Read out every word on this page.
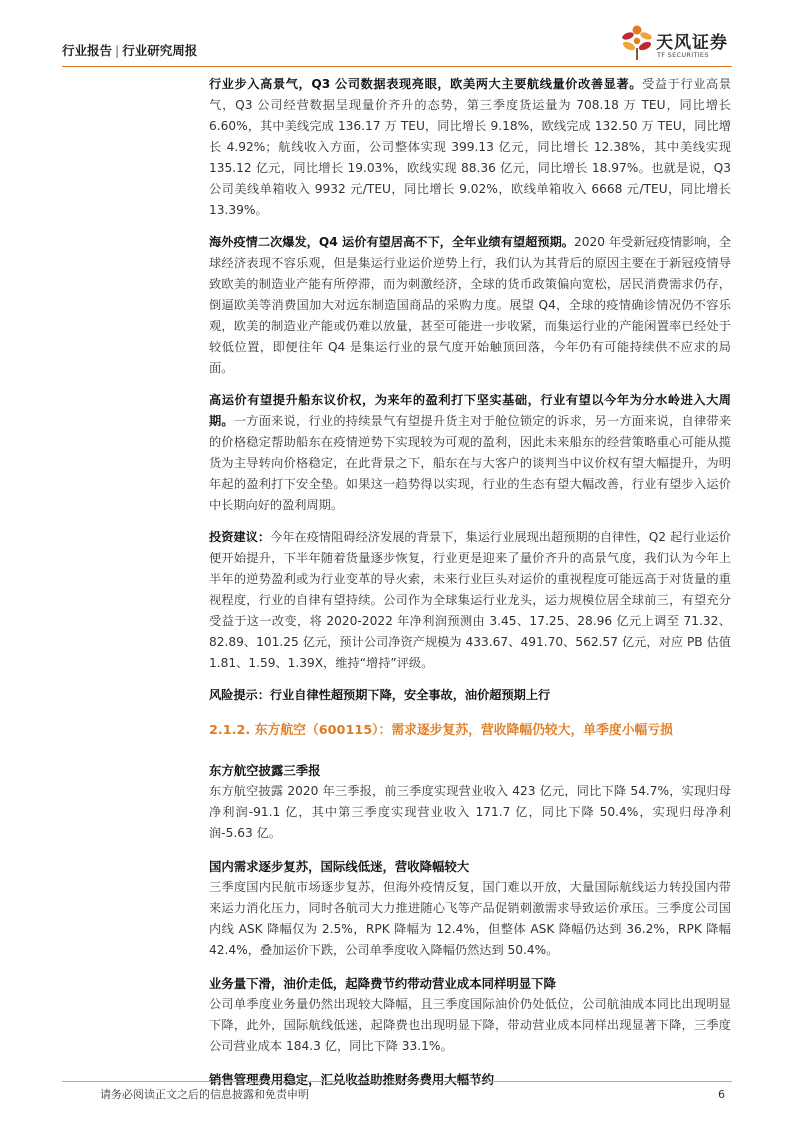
行业报告 | 行业研究周报	天风证券
TF SECURITIES

行业步入高景气，Q3 公司数据表现亮眼，欧美两大主要航线量价改善显著。受益于行业高景气，Q3 公司经营数据呈现量价齐升的态势，第三季度货运量为 708.18 万 TEU，同比增长 6.60%，其中美线完成 136.17 万 TEU，同比增长 9.18%，欧线完成 132.50 万 TEU，同比增长 4.92%；航线收入方面，公司整体实现 399.13 亿元，同比增长 12.38%，其中美线实现 135.12 亿元，同比增长 19.03%，欧线实现 88.36 亿元，同比增长 18.97%。也就是说，Q3 公司美线单箱收入 9932 元/TEU，同比增长 9.02%，欧线单箱收入 6668 元/TEU，同比增长 13.39%。

海外疫情二次爆发，Q4 运价有望居高不下，全年业绩有望超预期。2020 年受新冠疫情影响，全球经济表现不容乐观，但是集运行业运价逆势上行，我们认为其背后的原因主要在于新冠疫情导致欧美的制造业产能有所停滞，而为刺激经济，全球的货币政策偏向宽松，居民消费需求仍存，倒逼欧美等消费国加大对远东制造国商品的采购力度。展望 Q4，全球的疫情确诊情况仍不容乐观，欧美的制造业产能或仍难以放量，甚至可能进一步收紧，而集运行业的产能闲置率已经处于较低位置，即便往年 Q4 是集运行业的景气度开始触顶回落，今年仍有可能持续供不应求的局面。

高运价有望提升船东议价权，为来年的盈利打下坚实基础，行业有望以今年为分水岭进入大周期。一方面来说，行业的持续景气有望提升货主对于舱位锁定的诉求，另一方面来说，自律带来的价格稳定帮助船东在疫情逆势下实现较为可观的盈利，因此未来船东的经营策略重心可能从揽货为主导转向价格稳定，在此背景之下，船东在与大客户的谈判当中议价权有望大幅提升，为明年起的盈利打下安全垫。如果这一趋势得以实现，行业的生态有望大幅改善，行业有望步入运价中长期向好的盈利周期。

投资建议：今年在疫情阻碍经济发展的背景下，集运行业展现出超预期的自律性，Q2 起行业运价便开始提升，下半年随着货量逐步恢复，行业更是迎来了量价齐升的高景气度，我们认为今年上半年的逆势盈利或为行业变革的导火索，未来行业巨头对运价的重视程度可能远高于对货量的重视程度，行业的自律有望持续。公司作为全球集运行业龙头，运力规模位居全球前三，有望充分受益于这一改变，将 2020-2022 年净利润预测由 3.45、17.25、28.96 亿元上调至 71.32、82.89、101.25 亿元，预计公司净资产规模为 433.67、491.70、562.57 亿元，对应 PB 估值 1.81、1.59、1.39X，维持“增持”评级。

风险提示：行业自律性超预期下降，安全事故，油价超预期上行

2.1.2. 东方航空（600115）：需求逐步复苏，营收降幅仍较大，单季度小幅亏损
东方航空披露三季报
东方航空披露 2020 年三季报，前三季度实现营业收入 423 亿元，同比下降 54.7%，实现归母净利润-91.1 亿，其中第三季度实现营业收入 171.7 亿，同比下降 50.4%，实现归母净利润-5.63 亿。
国内需求逐步复苏，国际线低迷，营收降幅较大
三季度国内民航市场逐步复苏，但海外疫情反复，国门难以开放，大量国际航线运力转投国内带来运力消化压力，同时各航司大力推进随心飞等产品促销刺激需求导致运价承压。三季度公司国内线 ASK 降幅仅为 2.5%，RPK 降幅为 12.4%，但整体 ASK 降幅仍达到 36.2%，RPK 降幅 42.4%，叠加运价下跌，公司单季度收入降幅仍然达到 50.4%。
业务量下滑，油价走低，起降费节约带动营业成本同样明显下降
公司单季度业务量仍然出现较大降幅，且三季度国际油价仍处低位，公司航油成本同比出现明显下降，此外，国际航线低迷，起降费也出现明显下降，带动营业成本同样出现显著下降，三季度公司营业成本 184.3 亿，同比下降 33.1%。
销售管理费用稳定，汇兑收益助推财务费用大幅节约
请务必阅读正文之后的信息披露和免责申明	6
